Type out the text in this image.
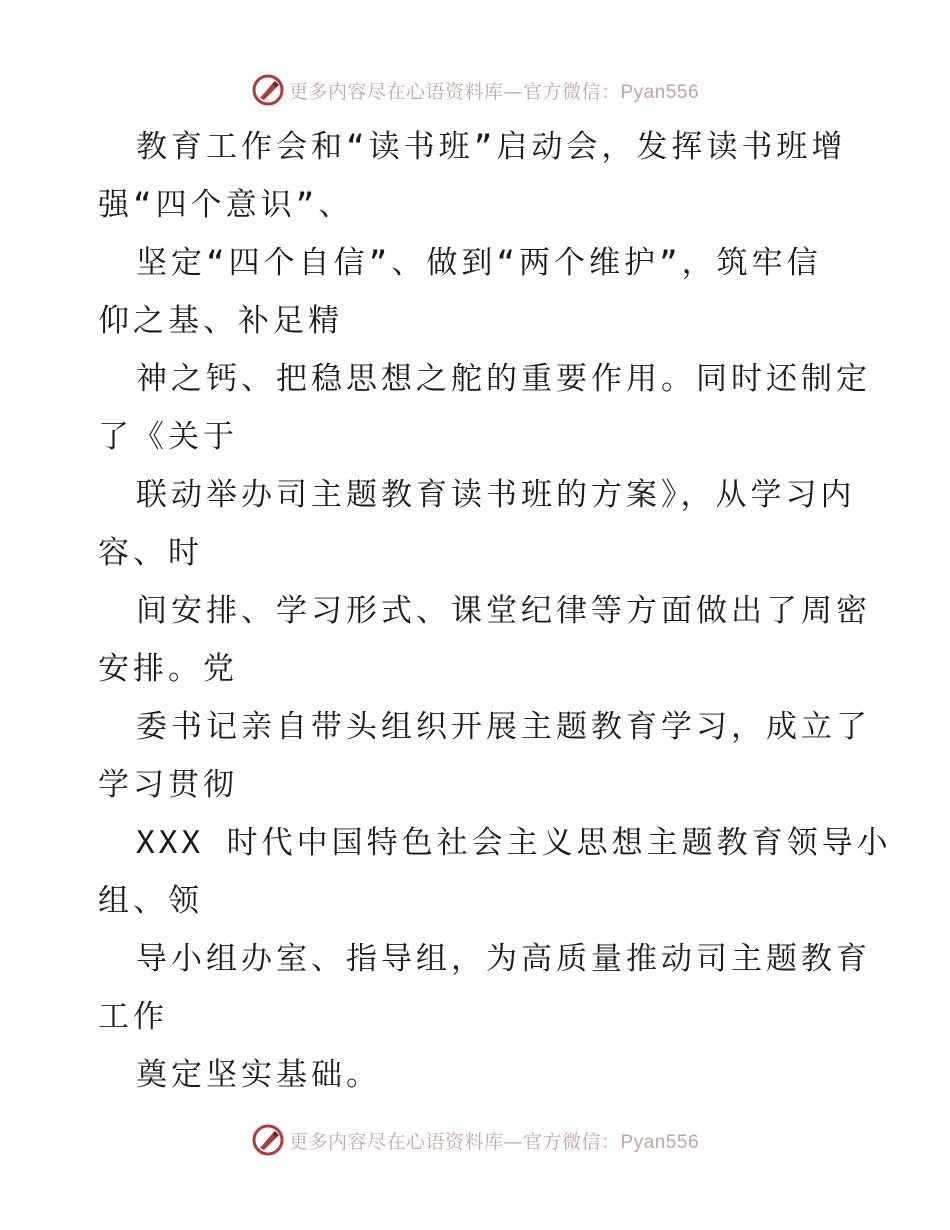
更多内容尽在心语资料库—官方微信：Pyan556
教育工作会和“读书班”启动会，发挥读书班增
强“四个意识”、
坚定“四个自信”、做到“两个维护”，筑牢信
仰之基、补足精
神之钙、把稳思想之舵的重要作用。同时还制定
了《关于
联动举办司主题教育读书班的方案》，从学习内
容、时
间安排、学习形式、课堂纪律等方面做出了周密
安排。党
委书记亲自带头组织开展主题教育学习，成立了
学习贯彻
XXX 时代中国特色社会主义思想主题教育领导小
组、领
导小组办室、指导组，为高质量推动司主题教育
工作
奠定坚实基础。
更多内容尽在心语资料库—官方微信：Pyan556
